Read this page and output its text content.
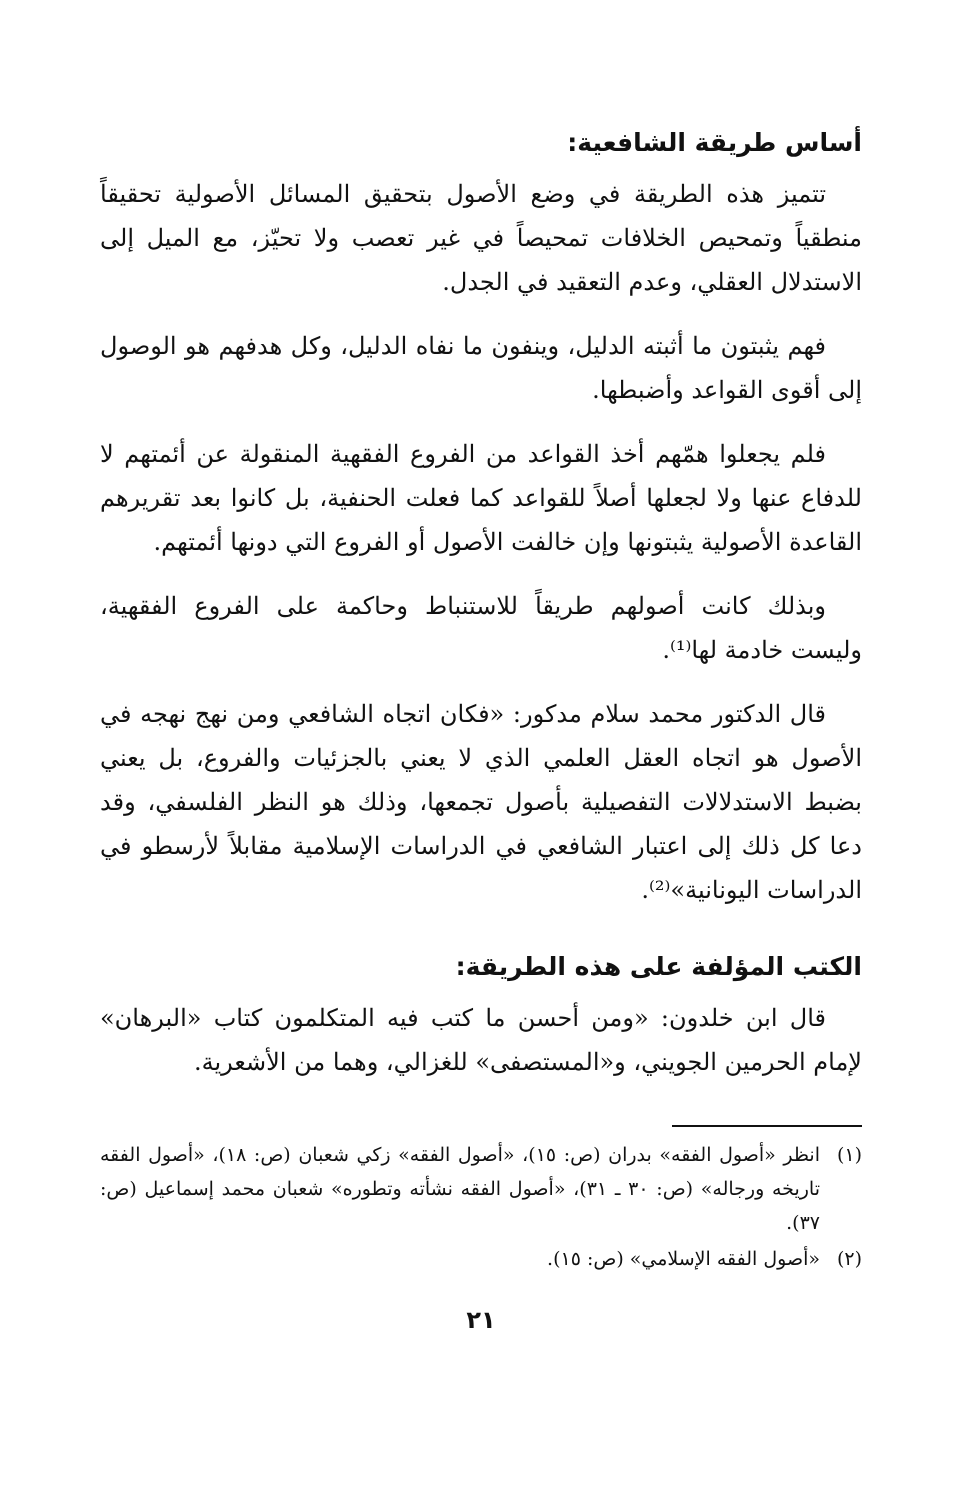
أساس طريقة الشافعية:

تتميز هذه الطريقة في وضع الأصول بتحقيق المسائل الأصولية تحقيقاً منطقياً وتمحيص الخلافات تمحيصاً في غير تعصب ولا تحيّز، مع الميل إلى الاستدلال العقلي، وعدم التعقيد في الجدل.

فهم يثبتون ما أثبته الدليل، وينفون ما نفاه الدليل، وكل هدفهم هو الوصول إلى أقوى القواعد وأضبطها.

فلم يجعلوا همّهم أخذ القواعد من الفروع الفقهية المنقولة عن أئمتهم لا للدفاع عنها ولا لجعلها أصلاً للقواعد كما فعلت الحنفية، بل كانوا بعد تقريرهم القاعدة الأصولية يثبتونها وإن خالفت الأصول أو الفروع التي دونها أئمتهم.

وبذلك كانت أصولهم طريقاً للاستنباط وحاكمة على الفروع الفقهية، وليست خادمة لها⁽¹⁾.

قال الدكتور محمد سلام مدكور: «فكان اتجاه الشافعي ومن نهج نهجه في الأصول هو اتجاه العقل العلمي الذي لا يعني بالجزئيات والفروع، بل يعني بضبط الاستدلالات التفصيلية بأصول تجمعها، وذلك هو النظر الفلسفي، وقد دعا كل ذلك إلى اعتبار الشافعي في الدراسات الإسلامية مقابلاً لأرسطو في الدراسات اليونانية»⁽²⁾.

الكتب المؤلفة على هذه الطريقة:

قال ابن خلدون: «ومن أحسن ما كتب فيه المتكلمون كتاب «البرهان» لإمام الحرمين الجويني، و«المستصفى» للغزالي، وهما من الأشعرية.

(١)
انظر «أصول الفقه» بدران (ص: ١٥)، «أصول الفقه» زكي شعبان (ص: ١٨)، «أصول الفقه تاريخه ورجاله» (ص: ٣٠ ـ ٣١)، «أصول الفقه نشأته وتطوره» شعبان محمد إسماعيل (ص: ٣٧).
(٢)
«أصول الفقه الإسلامي» (ص: ١٥).
٢١
